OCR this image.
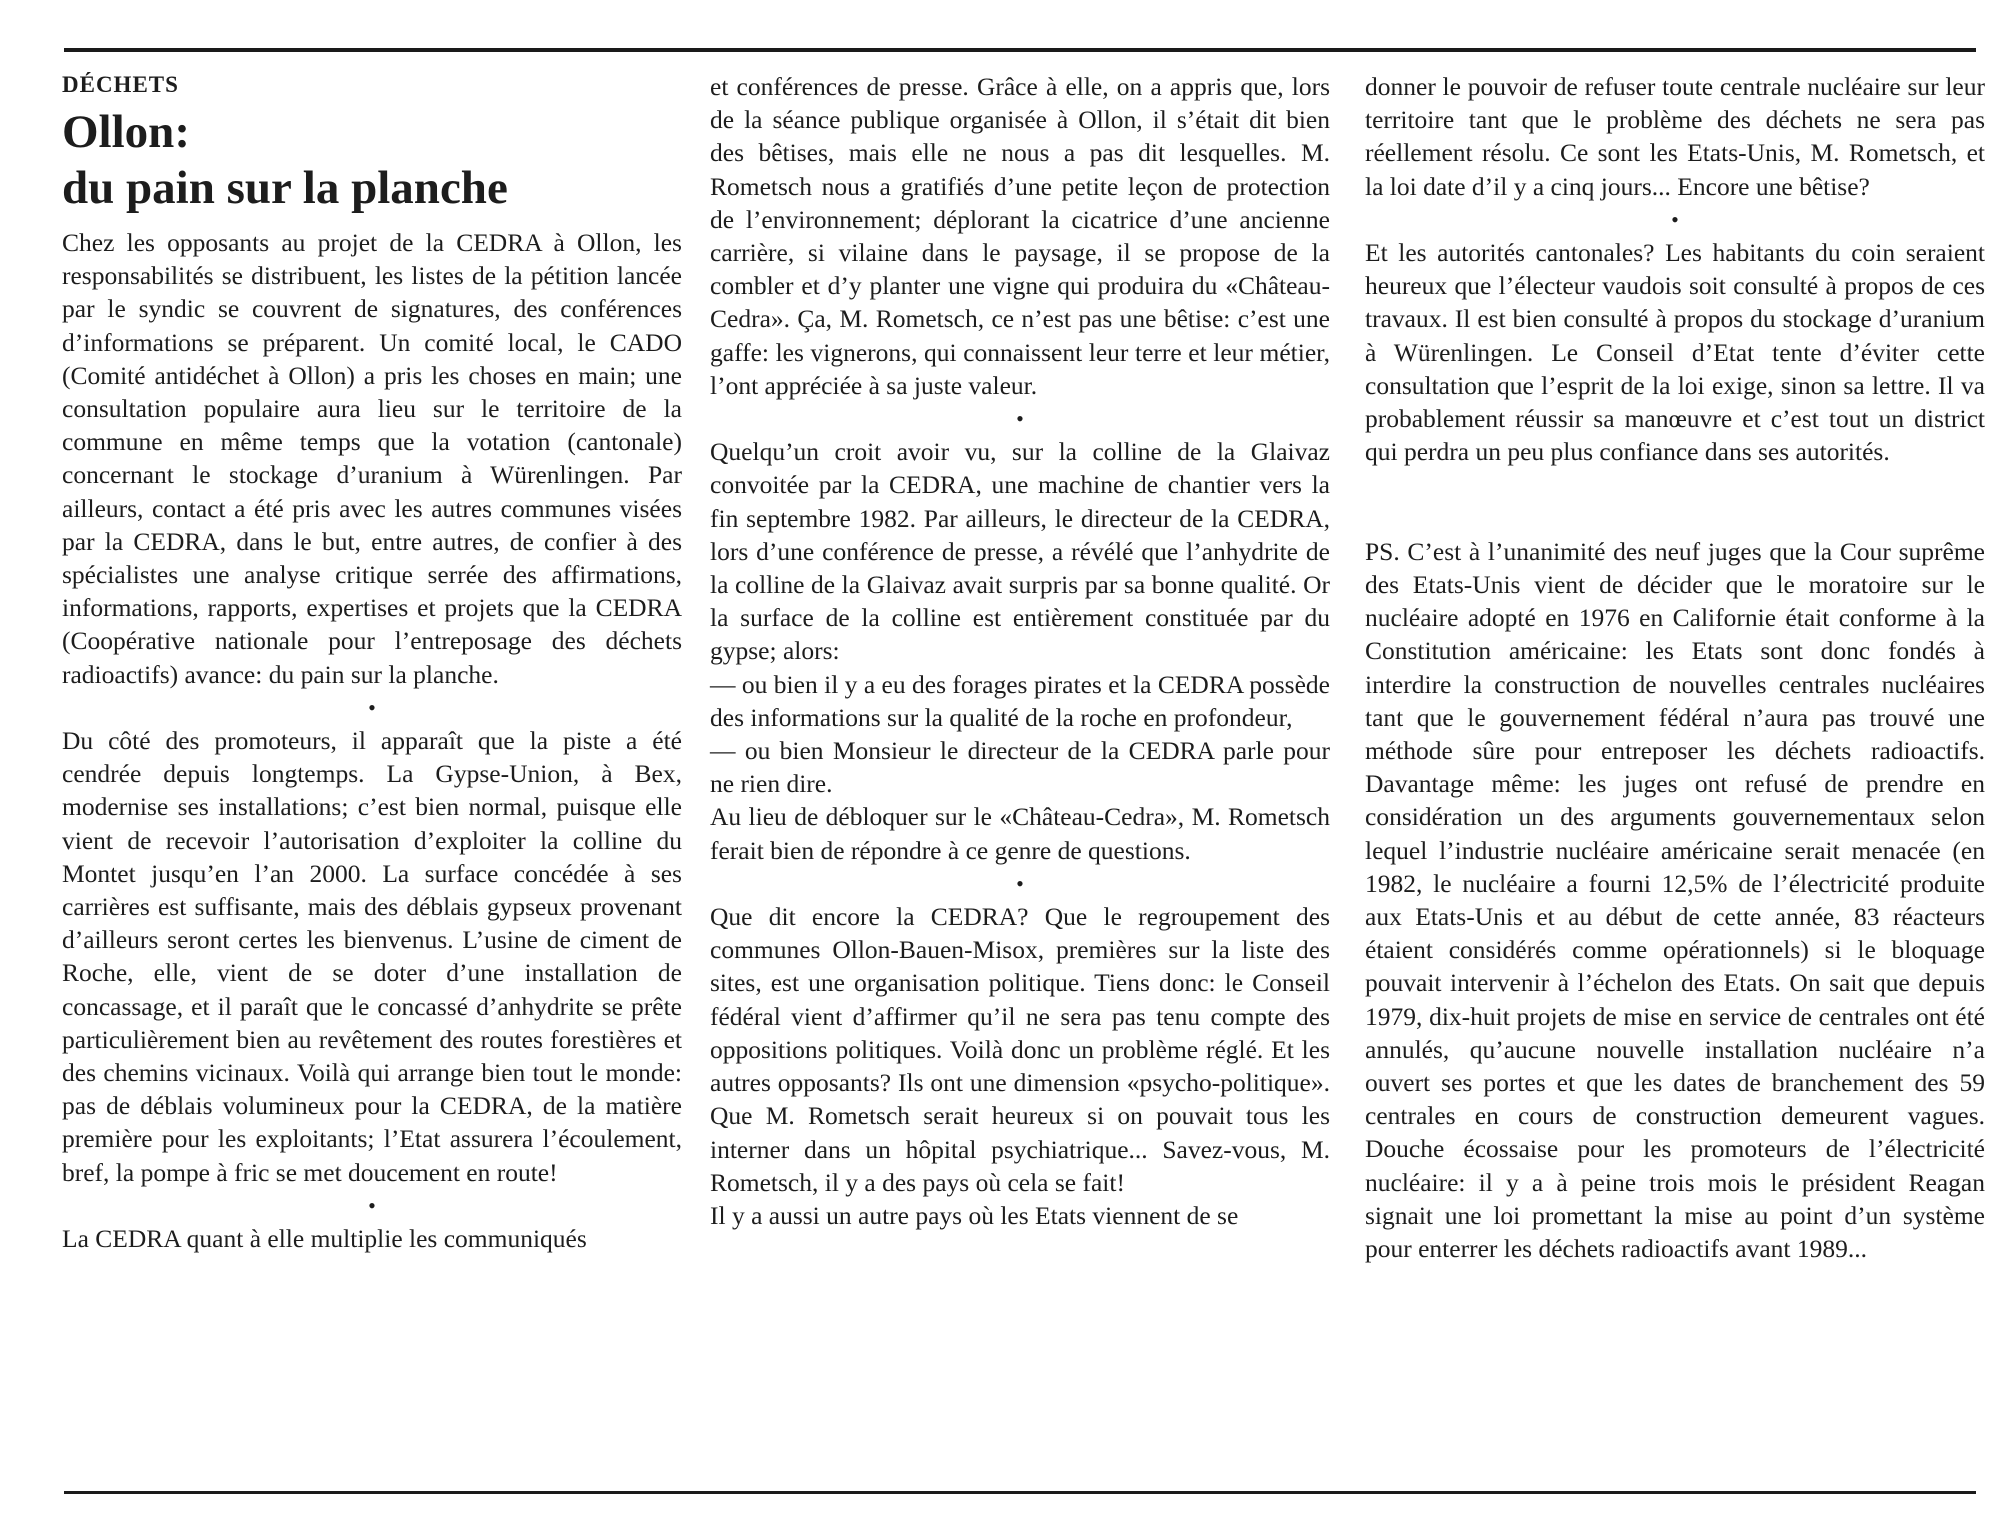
DÉCHETS
Ollon:
du pain sur la planche

Chez les opposants au projet de la CEDRA à Ollon, les responsabilités se distribuent, les listes de la pétition lancée par le syndic se couvrent de signatures, des conférences d’informations se préparent. Un comité local, le CADO (Comité antidéchet à Ollon) a pris les choses en main; une consultation populaire aura lieu sur le territoire de la commune en même temps que la votation (cantonale) concernant le stockage d’uranium à Würenlingen. Par ailleurs, contact a été pris avec les autres communes visées par la CEDRA, dans le but, entre autres, de confier à des spécialistes une analyse critique serrée des affirmations, informations, rapports, expertises et projets que la CEDRA (Coopérative nationale pour l’entreposage des déchets radioactifs) avance: du pain sur la planche.

•

Du côté des promoteurs, il apparaît que la piste a été cendrée depuis longtemps. La Gypse-Union, à Bex, modernise ses installations; c’est bien normal, puisque elle vient de recevoir l’autorisation d’exploiter la colline du Montet jusqu’en l’an 2000. La surface concédée à ses carrières est suffisante, mais des déblais gypseux provenant d’ailleurs seront certes les bienvenus. L’usine de ciment de Roche, elle, vient de se doter d’une installation de concassage, et il paraît que le concassé d’anhydrite se prête particulièrement bien au revêtement des routes forestières et des chemins vicinaux. Voilà qui arrange bien tout le monde: pas de déblais volumineux pour la CEDRA, de la matière première pour les exploitants; l’Etat assurera l’écoulement, bref, la pompe à fric se met doucement en route!

•

La CEDRA quant à elle multiplie les communiqués

et conférences de presse. Grâce à elle, on a appris que, lors de la séance publique organisée à Ollon, il s’était dit bien des bêtises, mais elle ne nous a pas dit lesquelles. M. Rometsch nous a gratifiés d’une petite leçon de protection de l’environnement; déplorant la cicatrice d’une ancienne carrière, si vilaine dans le paysage, il se propose de la combler et d’y planter une vigne qui produira du «Château-Cedra». Ça, M. Rometsch, ce n’est pas une bêtise: c’est une gaffe: les vignerons, qui connaissent leur terre et leur métier, l’ont appréciée à sa juste valeur.

•

Quelqu’un croit avoir vu, sur la colline de la Glaivaz convoitée par la CEDRA, une machine de chantier vers la fin septembre 1982. Par ailleurs, le directeur de la CEDRA, lors d’une conférence de presse, a révélé que l’anhydrite de la colline de la Glaivaz avait surpris par sa bonne qualité. Or la surface de la colline est entièrement constituée par du gypse; alors:

— ou bien il y a eu des forages pirates et la CEDRA possède des informations sur la qualité de la roche en profondeur,

— ou bien Monsieur le directeur de la CEDRA parle pour ne rien dire.

Au lieu de débloquer sur le «Château-Cedra», M. Rometsch ferait bien de répondre à ce genre de questions.

•

Que dit encore la CEDRA? Que le regroupement des communes Ollon-Bauen-Misox, premières sur la liste des sites, est une organisation politique. Tiens donc: le Conseil fédéral vient d’affirmer qu’il ne sera pas tenu compte des oppositions politiques. Voilà donc un problème réglé. Et les autres opposants? Ils ont une dimension «psycho-politique». Que M. Rometsch serait heureux si on pouvait tous les interner dans un hôpital psychiatrique... Savez-vous, M. Rometsch, il y a des pays où cela se fait!

Il y a aussi un autre pays où les Etats viennent de se

donner le pouvoir de refuser toute centrale nucléaire sur leur territoire tant que le problème des déchets ne sera pas réellement résolu. Ce sont les Etats-Unis, M. Rometsch, et la loi date d’il y a cinq jours... Encore une bêtise?

•

Et les autorités cantonales? Les habitants du coin seraient heureux que l’électeur vaudois soit consulté à propos de ces travaux. Il est bien consulté à propos du stockage d’uranium à Würenlingen. Le Conseil d’Etat tente d’éviter cette consultation que l’esprit de la loi exige, sinon sa lettre. Il va probablement réussir sa manœuvre et c’est tout un district qui perdra un peu plus confiance dans ses autorités.

PS. C’est à l’unanimité des neuf juges que la Cour suprême des Etats-Unis vient de décider que le moratoire sur le nucléaire adopté en 1976 en Californie était conforme à la Constitution américaine: les Etats sont donc fondés à interdire la construction de nouvelles centrales nucléaires tant que le gouvernement fédéral n’aura pas trouvé une méthode sûre pour entreposer les déchets radioactifs. Davantage même: les juges ont refusé de prendre en considération un des arguments gouvernementaux selon lequel l’industrie nucléaire américaine serait menacée (en 1982, le nucléaire a fourni 12,5% de l’électricité produite aux Etats-Unis et au début de cette année, 83 réacteurs étaient considérés comme opérationnels) si le bloquage pouvait intervenir à l’échelon des Etats. On sait que depuis 1979, dix-huit projets de mise en service de centrales ont été annulés, qu’aucune nouvelle installation nucléaire n’a ouvert ses portes et que les dates de branchement des 59 centrales en cours de construction demeurent vagues. Douche écossaise pour les promoteurs de l’électricité nucléaire: il y a à peine trois mois le président Reagan signait une loi promettant la mise au point d’un système pour enterrer les déchets radioactifs avant 1989...
